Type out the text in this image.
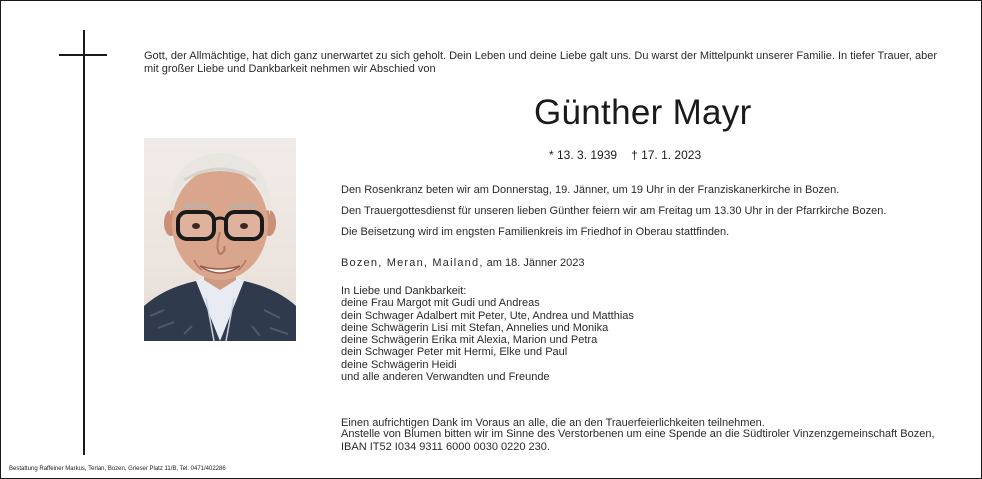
Gott, der Allmächtige, hat dich ganz unerwartet zu sich geholt. Dein Leben und deine Liebe galt uns. Du warst der Mittelpunkt unserer Familie. In tiefer Trauer, aber mit großer Liebe und Dankbarkeit nehmen wir Abschied von

Günther Mayr
* 13. 3. 1939 † 17. 1. 2023

Den Rosenkranz beten wir am Donnerstag, 19. Jänner, um 19 Uhr in der Franziskanerkirche in Bozen.

Den Trauergottesdienst für unseren lieben Günther feiern wir am Freitag um 13.30 Uhr in der Pfarrkirche Bozen.

Die Beisetzung wird im engsten Familienkreis im Friedhof in Oberau stattfinden.

Bozen, Meran, Mailand, am 18. Jänner 2023

In Liebe und Dankbarkeit:

deine Frau Margot mit Gudi und Andreas

dein Schwager Adalbert mit Peter, Ute, Andrea und Matthias

deine Schwägerin Lisi mit Stefan, Annelies und Monika

deine Schwägerin Erika mit Alexia, Marion und Petra

dein Schwager Peter mit Hermi, Elke und Paul

deine Schwägerin Heidi

und alle anderen Verwandten und Freunde

Einen aufrichtigen Dank im Voraus an alle, die an den Trauerfeierlichkeiten teilnehmen.

Anstelle von Blumen bitten wir im Sinne des Verstorbenen um eine Spende an die Südtiroler Vinzenzgemeinschaft Bozen,

IBAN IT52 I034 9311 6000 0030 0220 230.

Bestattung Raffeiner Markus, Terlan, Bozen, Grieser Platz 11/B, Tel. 0471/402286
